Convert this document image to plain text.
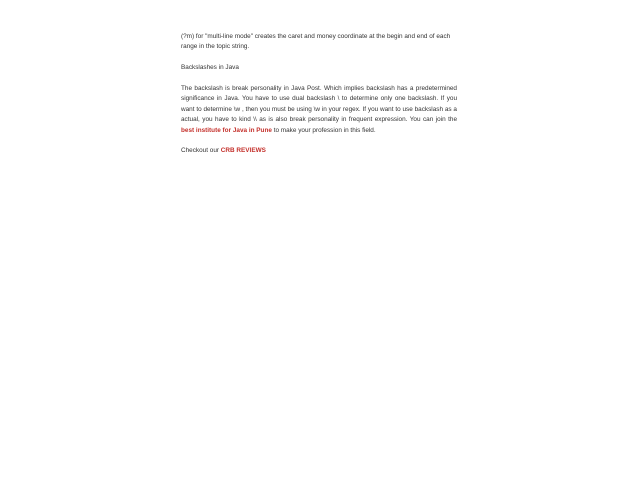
(?m) for "multi-line mode" creates the caret and money coordinate at the begin and end of each range in the topic string.

Backslashes in Java

The backslash is break personality in Java Post. Which implies backslash has a predetermined significance in Java. You have to use dual backslash \ to determine only one backslash. If you want to determine \w , then you must be using \w in your regex. If you want to use backslash as a actual, you have to kind \\ as is also break personality in frequent expression. You can join the best institute for Java in Pune to make your profession in this field.

Checkout our CRB REVIEWS
